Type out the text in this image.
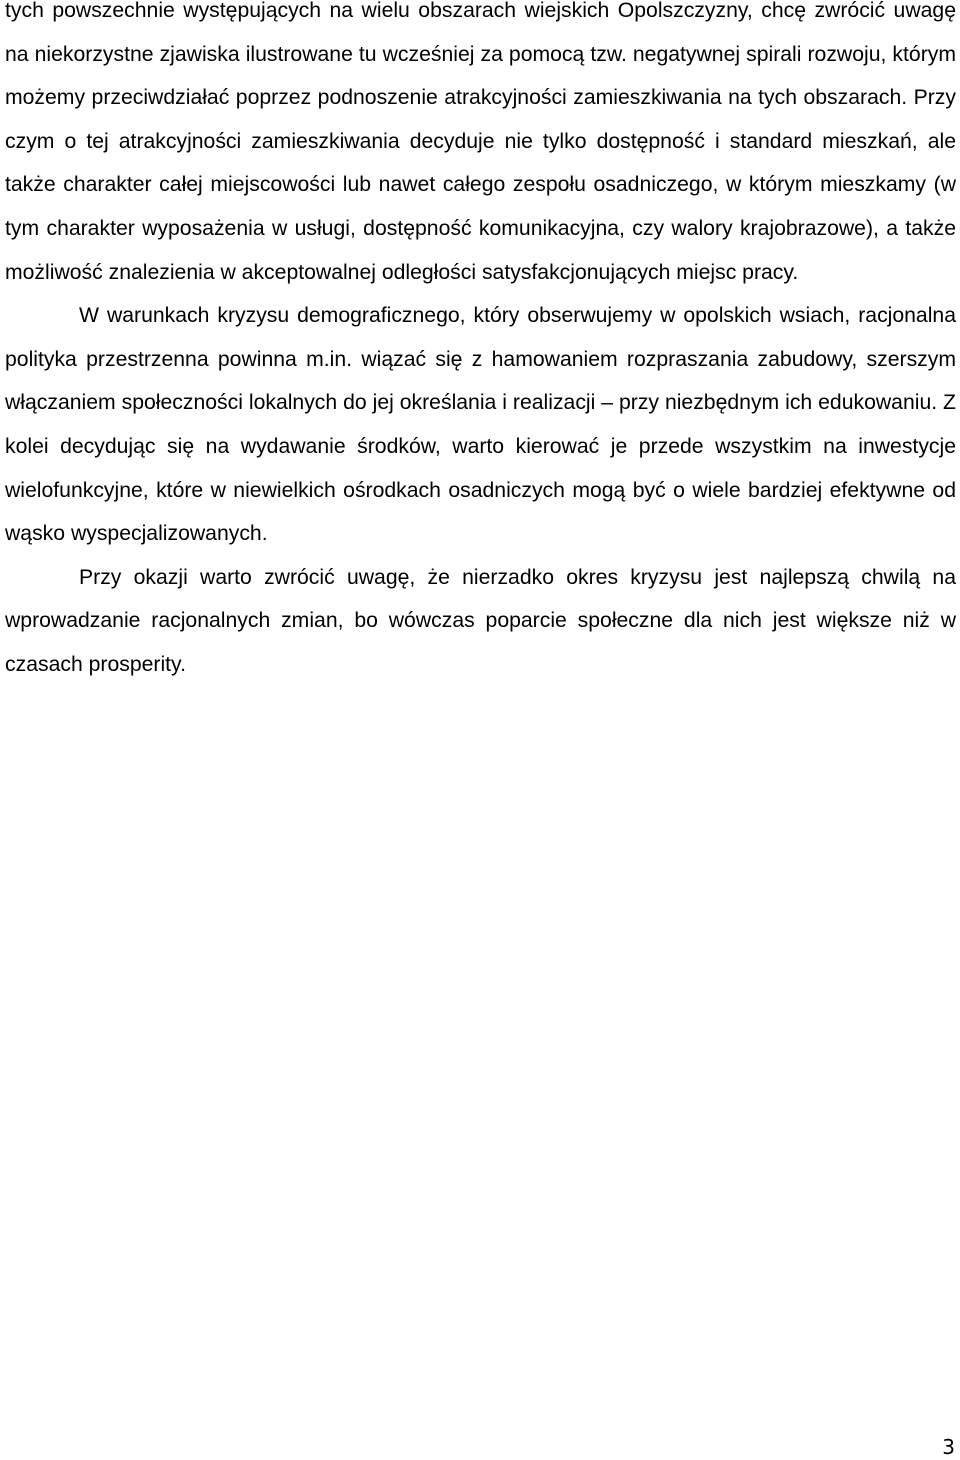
tych powszechnie występujących na wielu obszarach wiejskich Opolszczyzny, chcę zwrócić uwagę na niekorzystne zjawiska ilustrowane tu wcześniej za pomocą tzw. negatywnej spirali rozwoju, którym możemy przeciwdziałać poprzez podnoszenie atrakcyjności zamieszkiwania na tych obszarach. Przy czym o tej atrakcyjności zamieszkiwania decyduje nie tylko dostępność i standard mieszkań, ale także charakter całej miejscowości lub nawet całego zespołu osadniczego, w którym mieszkamy (w tym charakter wyposażenia w usługi, dostępność komunikacyjna, czy walory krajobrazowe), a także możliwość znalezienia w akceptowalnej odległości satysfakcjonujących miejsc pracy.

W warunkach kryzysu demograficznego, który obserwujemy w opolskich wsiach, racjonalna polityka przestrzenna powinna m.in. wiązać się z hamowaniem rozpraszania zabudowy, szerszym włączaniem społeczności lokalnych do jej określania i realizacji – przy niezbędnym ich edukowaniu. Z kolei decydując się na wydawanie środków, warto kierować je przede wszystkim na inwestycje wielofunkcyjne, które w niewielkich ośrodkach osadniczych mogą być o wiele bardziej efektywne od wąsko wyspecjalizowanych.

Przy okazji warto zwrócić uwagę, że nierzadko okres kryzysu jest najlepszą chwilą na wprowadzanie racjonalnych zmian, bo wówczas poparcie społeczne dla nich jest większe niż w czasach prosperity.

3
